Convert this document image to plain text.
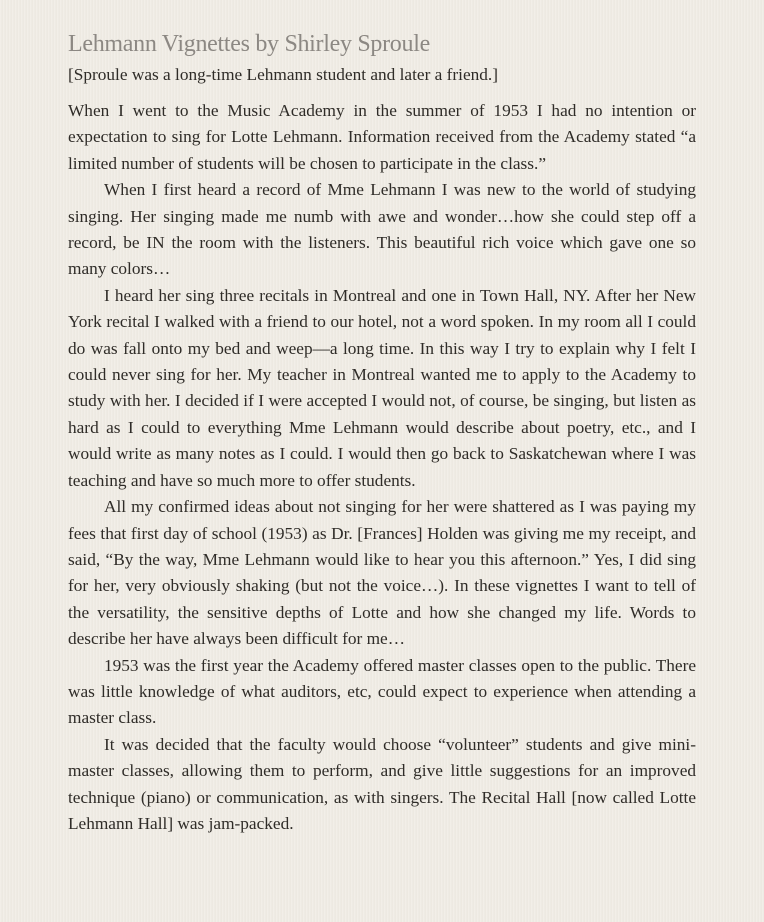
Lehmann Vignettes by Shirley Sproule

[Sproule was a long-time Lehmann student and later a friend.]

When I went to the Music Academy in the summer of 1953 I had no intention or expectation to sing for Lotte Lehmann. Information received from the Academy stated “a limited number of students will be chosen to participate in the class.”

When I first heard a record of Mme Lehmann I was new to the world of studying singing. Her singing made me numb with awe and wonder…how she could step off a record, be IN the room with the listeners. This beautiful rich voice which gave one so many colors…

I heard her sing three recitals in Montreal and one in Town Hall, NY. After her New York recital I walked with a friend to our hotel, not a word spoken. In my room all I could do was fall onto my bed and weep—a long time. In this way I try to explain why I felt I could never sing for her. My teacher in Montreal wanted me to apply to the Academy to study with her. I decided if I were accepted I would not, of course, be singing, but listen as hard as I could to everything Mme Lehmann would describe about poetry, etc., and I would write as many notes as I could. I would then go back to Saskatchewan where I was teaching and have so much more to offer students.

All my confirmed ideas about not singing for her were shattered as I was paying my fees that first day of school (1953) as Dr. [Frances] Holden was giving me my receipt, and said, “By the way, Mme Lehmann would like to hear you this afternoon.” Yes, I did sing for her, very obviously shaking (but not the voice…). In these vignettes I want to tell of the versatility, the sensitive depths of Lotte and how she changed my life. Words to describe her have always been difficult for me…

1953 was the first year the Academy offered master classes open to the public. There was little knowledge of what auditors, etc, could expect to experience when attending a master class.

It was decided that the faculty would choose “volunteer” students and give mini-master classes, allowing them to perform, and give little suggestions for an improved technique (piano) or communication, as with singers. The Recital Hall [now called Lotte Lehmann Hall] was jam-packed.
